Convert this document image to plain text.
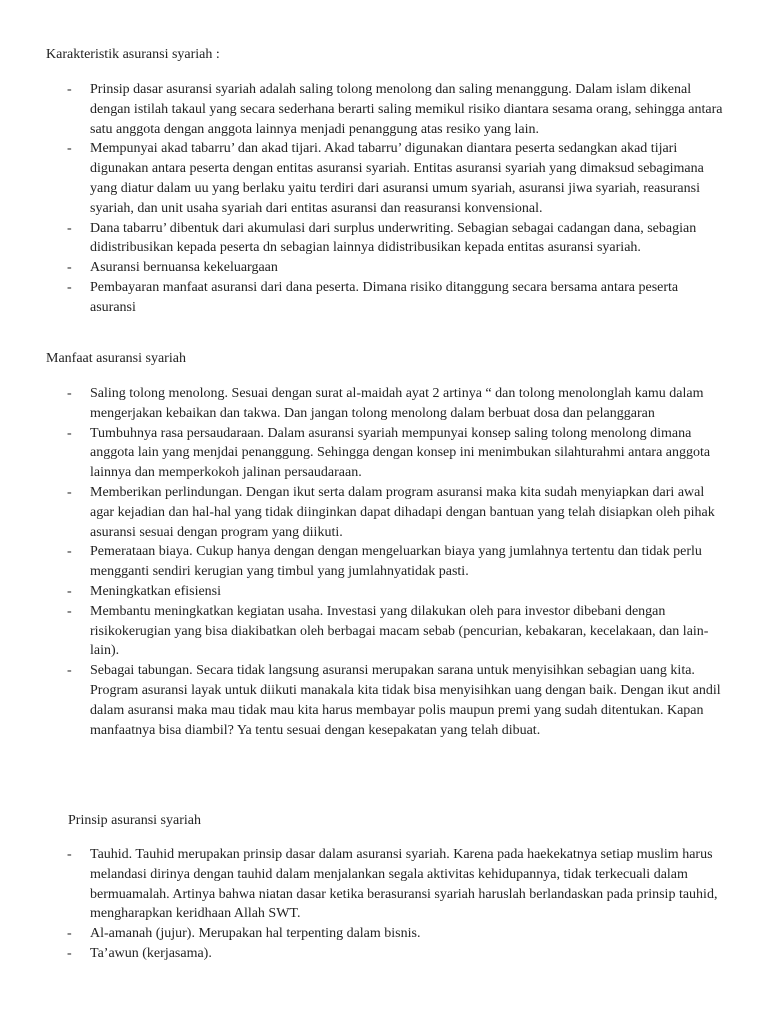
Karakteristik asuransi syariah :

- Prinsip dasar asuransi syariah adalah saling tolong menolong dan saling menanggung. Dalam islam dikenal dengan istilah takaul yang secara sederhana berarti saling memikul risiko diantara sesama orang, sehingga antara satu anggota dengan anggota lainnya menjadi penanggung atas resiko yang lain.
- Mempunyai akad tabarru’ dan akad tijari. Akad tabarru’ digunakan diantara peserta sedangkan akad tijari digunakan antara peserta dengan entitas asuransi syariah. Entitas asuransi syariah yang dimaksud sebagimana yang diatur dalam uu yang berlaku yaitu terdiri dari asuransi umum syariah, asuransi jiwa syariah, reasuransi syariah, dan unit usaha syariah dari entitas asuransi dan reasuransi konvensional.
- Dana tabarru’ dibentuk dari akumulasi dari surplus underwriting. Sebagian sebagai cadangan dana, sebagian didistribusikan kepada peserta dn sebagian lainnya didistribusikan kepada entitas asuransi syariah.
- Asuransi bernuansa kekeluargaan
- Pembayaran manfaat asuransi dari dana peserta. Dimana risiko ditanggung secara bersama antara peserta asuransi

Manfaat asuransi syariah

- Saling tolong menolong. Sesuai dengan surat al-maidah ayat 2 artinya “ dan tolong menolonglah kamu dalam mengerjakan kebaikan dan takwa. Dan jangan tolong menolong dalam berbuat dosa dan pelanggaran
- Tumbuhnya rasa persaudaraan. Dalam asuransi syariah mempunyai konsep saling tolong menolong dimana anggota lain yang menjdai penanggung. Sehingga dengan konsep ini menimbukan silahturahmi antara anggota lainnya dan memperkokoh jalinan persaudaraan.
- Memberikan perlindungan. Dengan ikut serta dalam program asuransi maka kita sudah menyiapkan dari awal agar kejadian dan hal-hal yang tidak diinginkan dapat dihadapi dengan bantuan yang telah disiapkan oleh pihak asuransi sesuai dengan program yang diikuti.
- Pemerataan biaya. Cukup hanya dengan dengan mengeluarkan biaya yang jumlahnya tertentu dan tidak perlu mengganti sendiri kerugian yang timbul yang jumlahnyatidak pasti.
- Meningkatkan efisiensi
- Membantu meningkatkan kegiatan usaha. Investasi yang dilakukan oleh para investor dibebani dengan risikokerugian yang bisa diakibatkan oleh berbagai macam sebab (pencurian, kebakaran, kecelakaan, dan lain-lain).
- Sebagai tabungan. Secara tidak langsung asuransi merupakan sarana untuk menyisihkan sebagian uang kita. Program asuransi layak untuk diikuti manakala kita tidak bisa menyisihkan uang dengan baik. Dengan ikut andil dalam asuransi maka mau tidak mau kita harus membayar polis maupun premi yang sudah ditentukan. Kapan manfaatnya bisa diambil? Ya tentu sesuai dengan kesepakatan yang telah dibuat.

Prinsip asuransi syariah

- Tauhid. Tauhid merupakan prinsip dasar dalam asuransi syariah. Karena pada haekekatnya setiap muslim harus melandasi dirinya dengan tauhid dalam menjalankan segala aktivitas kehidupannya, tidak terkecuali dalam bermuamalah. Artinya bahwa niatan dasar ketika berasuransi syariah haruslah berlandaskan pada prinsip tauhid, mengharapkan keridhaan Allah SWT.
- Al-amanah (jujur). Merupakan hal terpenting dalam bisnis.
- Ta’awun (kerjasama).
